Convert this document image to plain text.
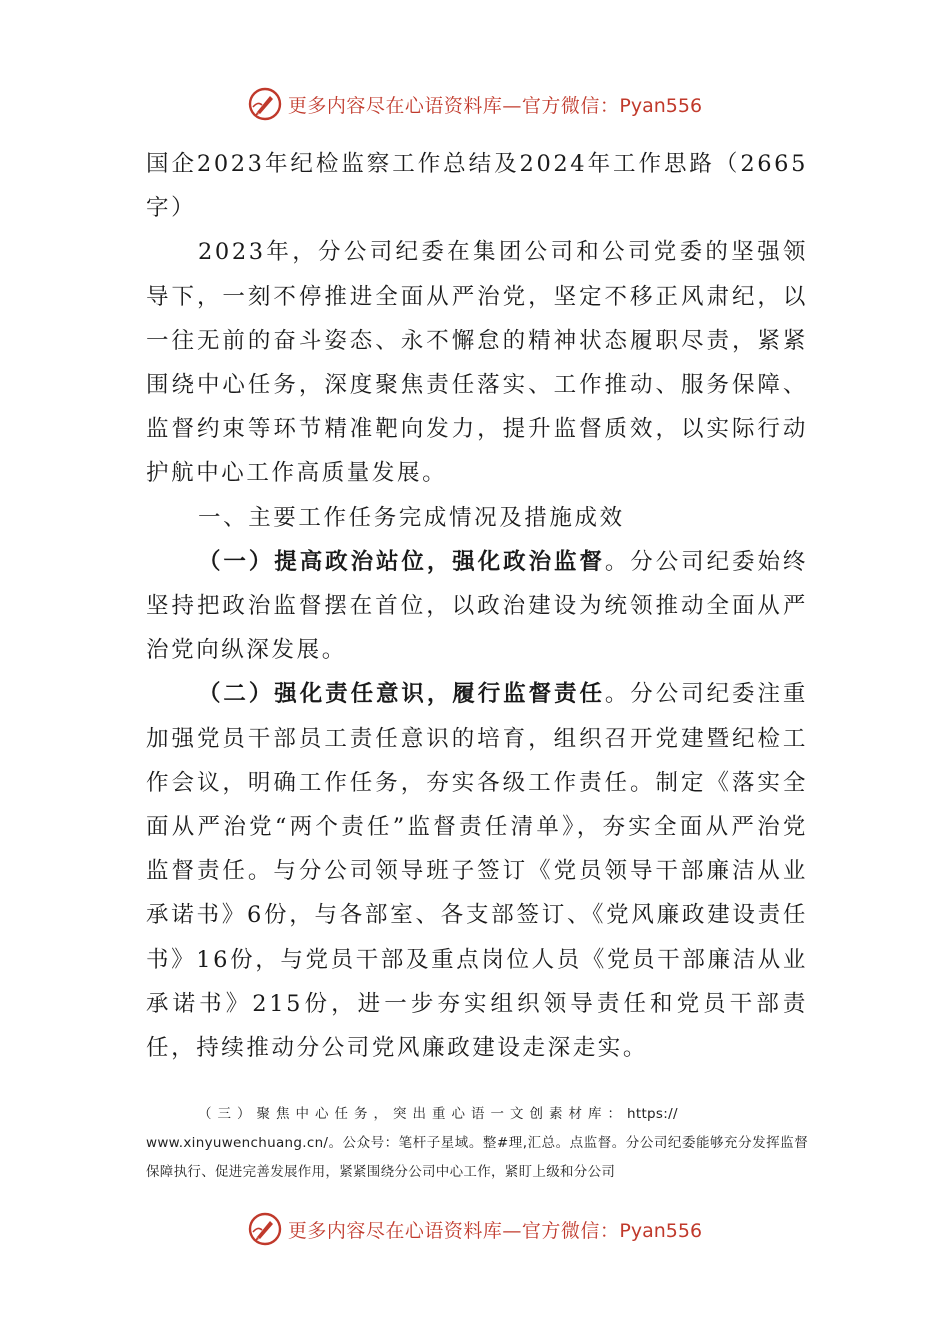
更多内容尽在心语资料库—官方微信：Pyan556

国企2023年纪检监察工作总结及2024年工作思路（2665字）

2023年，分公司纪委在集团公司和公司党委的坚强领导下，一刻不停推进全面从严治党，坚定不移正风肃纪，以一往无前的奋斗姿态、永不懈怠的精神状态履职尽责，紧紧围绕中心任务，深度聚焦责任落实、工作推动、服务保障、监督约束等环节精准靶向发力，提升监督质效，以实际行动护航中心工作高质量发展。

一、主要工作任务完成情况及措施成效

（一）提高政治站位，强化政治监督。分公司纪委始终坚持把政治监督摆在首位，以政治建设为统领推动全面从严治党向纵深发展。

（二）强化责任意识，履行监督责任。分公司纪委注重加强党员干部员工责任意识的培育，组织召开党建暨纪检工作会议，明确工作任务，夯实各级工作责任。制定《落实全面从严治党“两个责任”监督责任清单》，夯实全面从严治党监督责任。与分公司领导班子签订《党员领导干部廉洁从业承诺书》6份，与各部室、各支部签订、《党风廉政建设责任书》16份，与党员干部及重点岗位人员《党员干部廉洁从业承诺书》215份，进一步夯实组织领导责任和党员干部责任，持续推动分公司党风廉政建设走深走实。

（三）聚焦中心任务，突出重心语一文创素材库：https://
www.xinyuwenchuang.cn/。公众号：笔杆子星域。整#理,汇总。点监督。分公司纪委能够充分发挥监督保障执行、促进完善发展作用，紧紧围绕分公司中心工作，紧盯上级和分公司
更多内容尽在心语资料库—官方微信：Pyan556
